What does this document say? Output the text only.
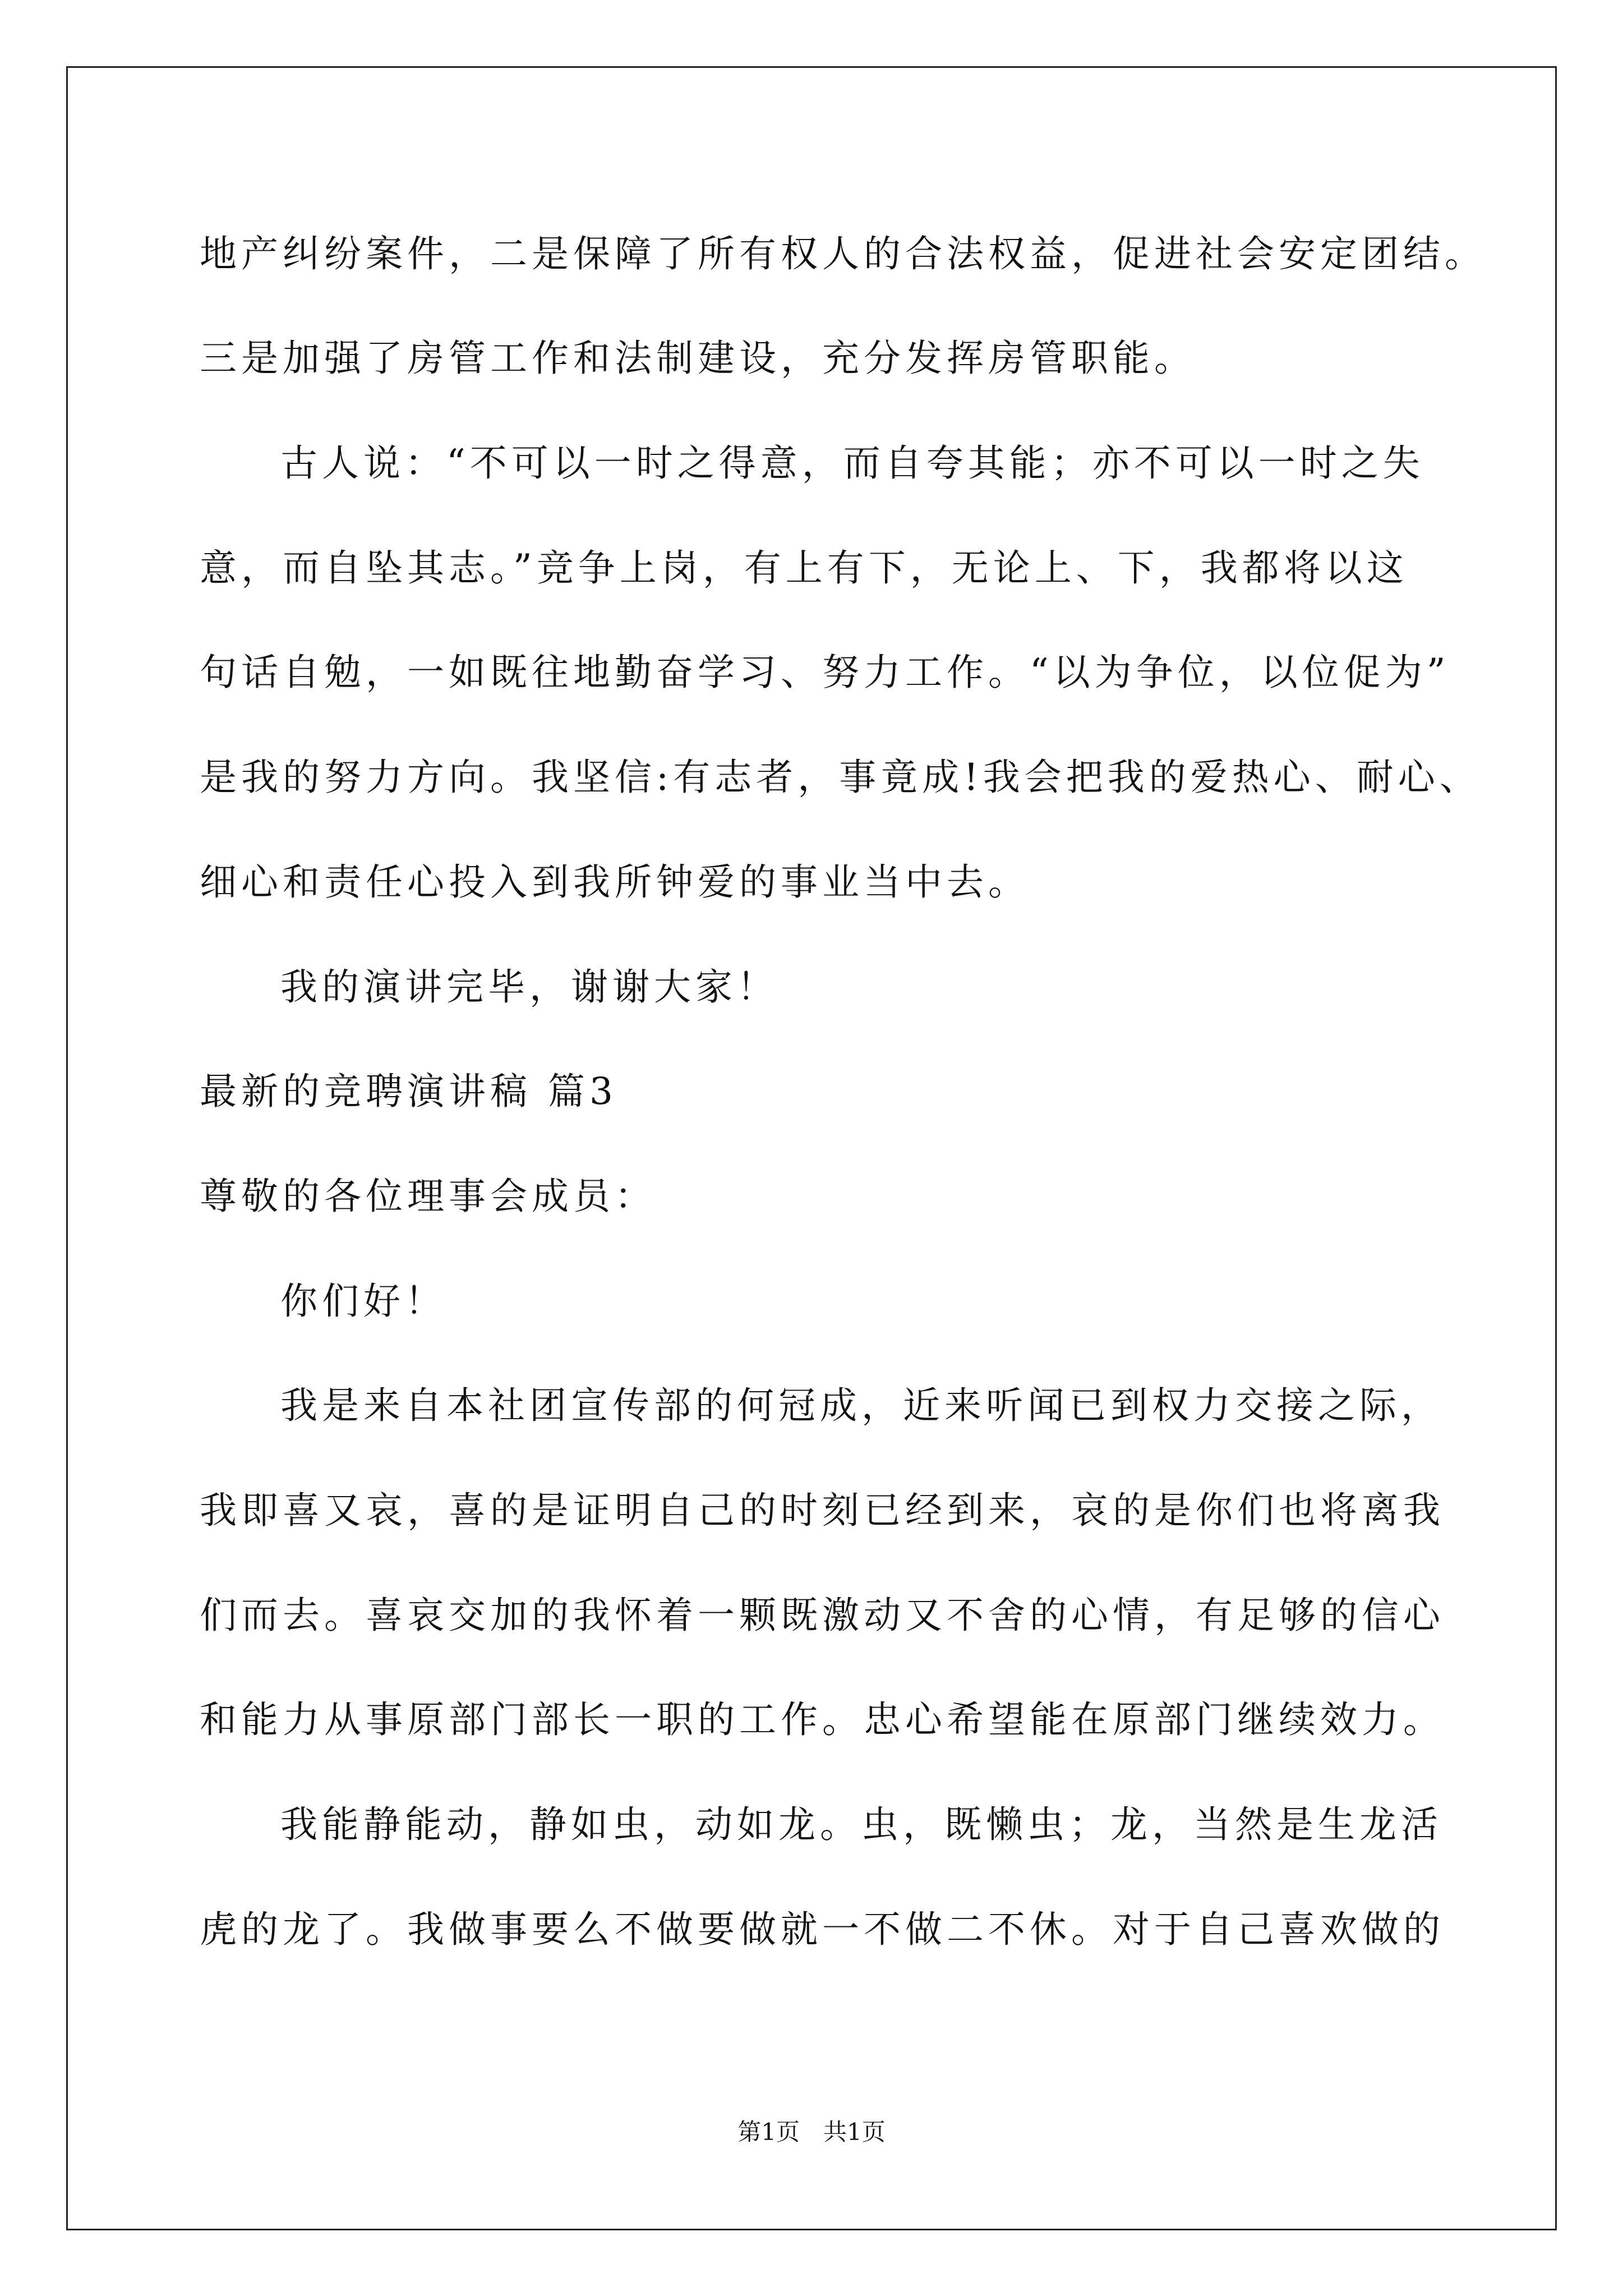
地产纠纷案件，二是保障了所有权人的合法权益，促进社会安定团结。
三是加强了房管工作和法制建设，充分发挥房管职能。
古人说：“不可以一时之得意，而自夸其能；亦不可以一时之失
意，而自坠其志。”竞争上岗，有上有下，无论上、下，我都将以这
句话自勉，一如既往地勤奋学习、努力工作。“以为争位，以位促为”
是我的努力方向。我坚信:有志者，事竟成!我会把我的爱热心、耐心、
细心和责任心投入到我所钟爱的事业当中去。
我的演讲完毕，谢谢大家！
最新的竞聘演讲稿 篇3
尊敬的各位理事会成员：
你们好！
我是来自本社团宣传部的何冠成，近来听闻已到权力交接之际，
我即喜又哀，喜的是证明自己的时刻已经到来，哀的是你们也将离我
们而去。喜哀交加的我怀着一颗既激动又不舍的心情，有足够的信心
和能力从事原部门部长一职的工作。忠心希望能在原部门继续效力。
我能静能动，静如虫，动如龙。虫，既懒虫；龙，当然是生龙活
虎的龙了。我做事要么不做要做就一不做二不休。对于自己喜欢做的
第1页　共1页
